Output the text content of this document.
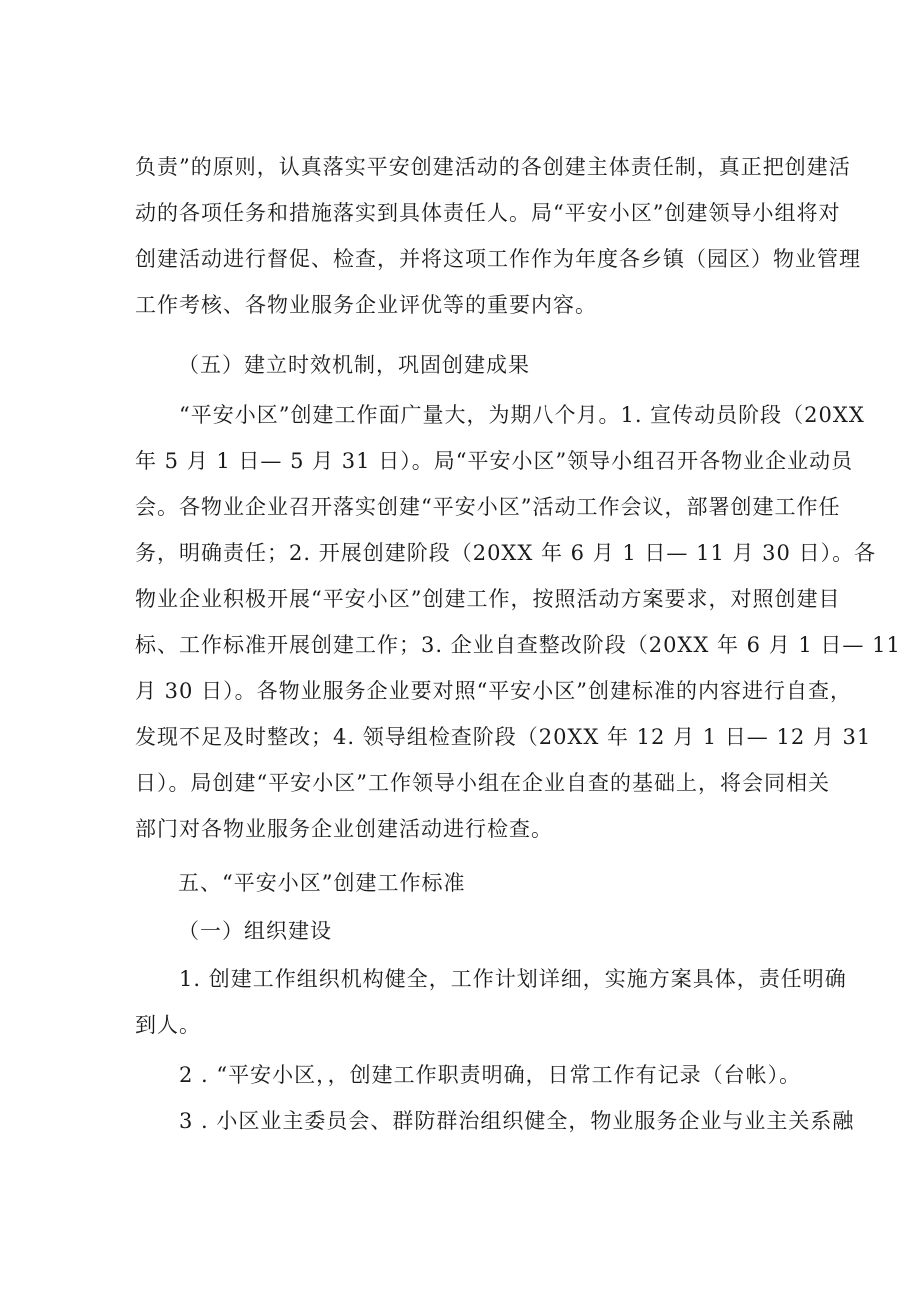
负责”的原则，认真落实平安创建活动的各创建主体责任制，真正把创建活
动的各项任务和措施落实到具体责任人。局“平安小区”创建领导小组将对
创建活动进行督促、检查，并将这项工作作为年度各乡镇（园区）物业管理
工作考核、各物业服务企业评优等的重要内容。
（五）建立时效机制，巩固创建成果
“平安小区”创建工作面广量大，为期八个月。1. 宣传动员阶段（20XX
年 5 月 1 日— 5 月 31 日）。局“平安小区”领导小组召开各物业企业动员
会。各物业企业召开落实创建“平安小区”活动工作会议，部署创建工作任
务，明确责任；2. 开展创建阶段（20XX 年 6 月 1 日— 11 月 30 日）。各
物业企业积极开展“平安小区”创建工作，按照活动方案要求，对照创建目
标、工作标准开展创建工作；3. 企业自查整改阶段（20XX 年 6 月 1 日— 11
月 30 日）。各物业服务企业要对照“平安小区”创建标准的内容进行自查，
发现不足及时整改；4. 领导组检查阶段（20XX 年 12 月 1 日— 12 月 31
日）。局创建“平安小区”工作领导小组在企业自查的基础上，将会同相关
部门对各物业服务企业创建活动进行检查。
五、“平安小区”创建工作标准
（一）组织建设
1. 创建工作组织机构健全，工作计划详细，实施方案具体，责任明确
到人。
2 . “平安小区，，创建工作职责明确，日常工作有记录（台帐）。
3 . 小区业主委员会、群防群治组织健全，物业服务企业与业主关系融
